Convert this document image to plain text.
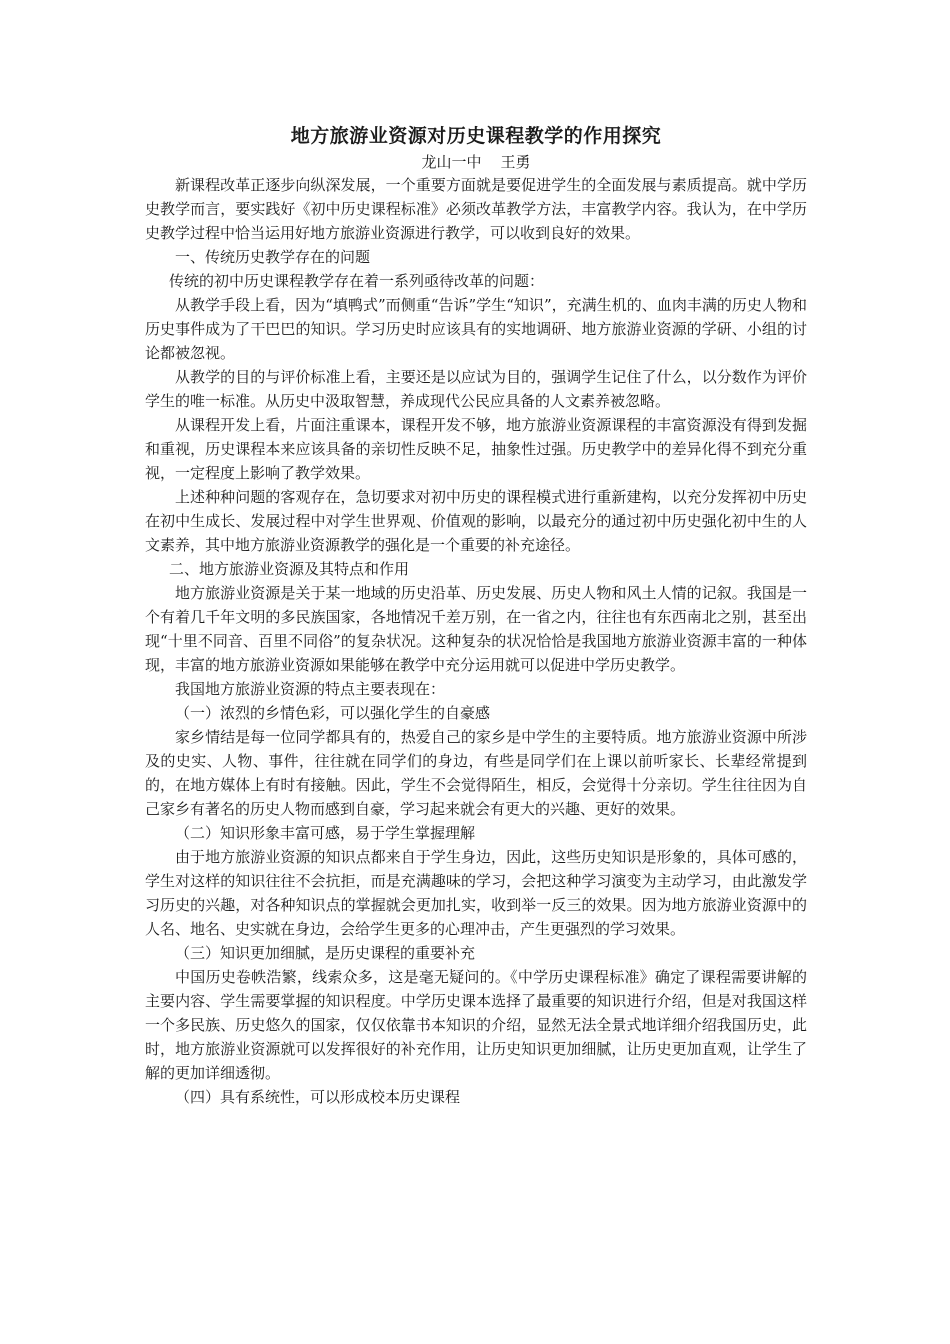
地方旅游业资源对历史课程教学的作用探究

龙山一中    王勇

新课程改革正逐步向纵深发展，一个重要方面就是要促进学生的全面发展与素质提高。就中学历史教学而言，要实践好《初中历史课程标准》必须改革教学方法，丰富教学内容。我认为，在中学历史教学过程中恰当运用好地方旅游业资源进行教学，可以收到良好的效果。

一、传统历史教学存在的问题

传统的初中历史课程教学存在着一系列亟待改革的问题：

从教学手段上看，因为“填鸭式”而侧重“告诉”学生“知识”，充满生机的、血肉丰满的历史人物和历史事件成为了干巴巴的知识。学习历史时应该具有的实地调研、地方旅游业资源的学研、小组的讨论都被忽视。

从教学的目的与评价标准上看，主要还是以应试为目的，强调学生记住了什么，以分数作为评价学生的唯一标准。从历史中汲取智慧，养成现代公民应具备的人文素养被忽略。

从课程开发上看，片面注重课本，课程开发不够，地方旅游业资源课程的丰富资源没有得到发掘和重视，历史课程本来应该具备的亲切性反映不足，抽象性过强。历史教学中的差异化得不到充分重视，一定程度上影响了教学效果。

上述种种问题的客观存在，急切要求对初中历史的课程模式进行重新建构，以充分发挥初中历史在初中生成长、发展过程中对学生世界观、价值观的影响，以最充分的通过初中历史强化初中生的人文素养，其中地方旅游业资源教学的强化是一个重要的补充途径。

二、地方旅游业资源及其特点和作用

地方旅游业资源是关于某一地域的历史沿革、历史发展、历史人物和风土人情的记叙。我国是一个有着几千年文明的多民族国家，各地情况千差万别，在一省之内，往往也有东西南北之别，甚至出现“十里不同音、百里不同俗”的复杂状况。这种复杂的状况恰恰是我国地方旅游业资源丰富的一种体现，丰富的地方旅游业资源如果能够在教学中充分运用就可以促进中学历史教学。

我国地方旅游业资源的特点主要表现在：

（一）浓烈的乡情色彩，可以强化学生的自豪感

家乡情结是每一位同学都具有的，热爱自己的家乡是中学生的主要特质。地方旅游业资源中所涉及的史实、人物、事件，往往就在同学们的身边，有些是同学们在上课以前听家长、长辈经常提到的，在地方媒体上有时有接触。因此，学生不会觉得陌生，相反，会觉得十分亲切。学生往往因为自己家乡有著名的历史人物而感到自豪，学习起来就会有更大的兴趣、更好的效果。

（二）知识形象丰富可感，易于学生掌握理解

由于地方旅游业资源的知识点都来自于学生身边，因此，这些历史知识是形象的，具体可感的，学生对这样的知识往往不会抗拒，而是充满趣味的学习，会把这种学习演变为主动学习，由此激发学习历史的兴趣，对各种知识点的掌握就会更加扎实，收到举一反三的效果。因为地方旅游业资源中的人名、地名、史实就在身边，会给学生更多的心理冲击，产生更强烈的学习效果。

（三）知识更加细腻，是历史课程的重要补充

中国历史卷帙浩繁，线索众多，这是毫无疑问的。《中学历史课程标准》确定了课程需要讲解的主要内容、学生需要掌握的知识程度。中学历史课本选择了最重要的知识进行介绍，但是对我国这样一个多民族、历史悠久的国家，仅仅依靠书本知识的介绍，显然无法全景式地详细介绍我国历史，此时，地方旅游业资源就可以发挥很好的补充作用，让历史知识更加细腻，让历史更加直观，让学生了解的更加详细透彻。

（四）具有系统性，可以形成校本历史课程
